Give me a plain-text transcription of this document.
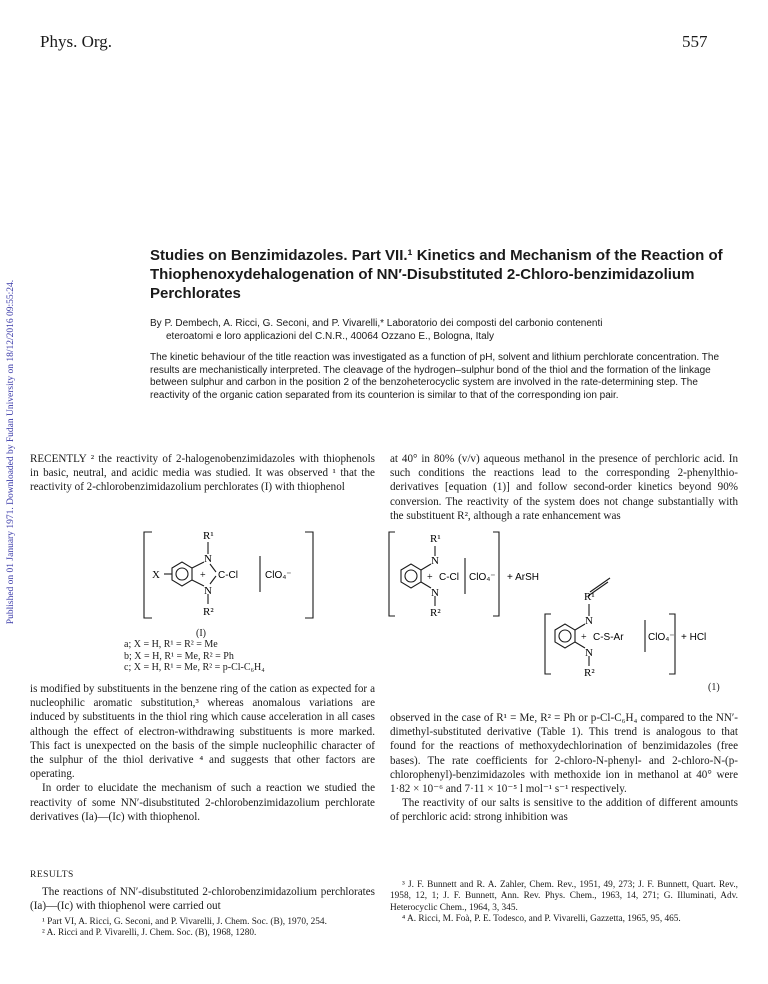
Phys. Org.	557
Published on 01 January 1971. Downloaded by Fudan University on 18/12/2016 09:55:24.
Studies on Benzimidazoles. Part VII.¹ Kinetics and Mechanism of the Reaction of Thiophenoxydehalogenation of NN′-Disubstituted 2-Chloro-benzimidazolium Perchlorates
By P. Dembech, A. Ricci, G. Seconi, and P. Vivarelli,* Laboratorio dei composti del carbonio contenenti
eteroatomi e loro applicazioni del C.N.R., 40064 Ozzano E., Bologna, Italy
The kinetic behaviour of the title reaction was investigated as a function of pH, solvent and lithium perchlorate concentration. The results are mechanistically interpreted. The cleavage of the hydrogen–sulphur bond of the thiol and the formation of the linkage between sulphur and carbon in the position 2 of the benzoheterocyclic system are involved in the rate-determining step. The reactivity of the organic cation separated from its counterion is similar to that of the corresponding ion pair.

RECENTLY ² the reactivity of 2-halogenobenzimidazoles with thiophenols in basic, neutral, and acidic media was studied. It was observed ¹ that the reactivity of 2-chlorobenzimidazolium perchlorates (I) with thiophenol

R¹
N
N
R²
X	+ C-Cl	ClO₄⁻
(I)
a; X = H, R¹ = R² = Me
b; X = H, R¹ = Me, R² = Ph
c; X = H, R¹ = Me, R² = p-Cl-C₆H₄

is modified by substituents in the benzene ring of the cation as expected for a nucleophilic aromatic substitution,³ whereas anomalous variations are induced by substituents in the thiol ring which cause acceleration in all cases although the effect of electron-withdrawing substituents is more marked. This fact is unexpected on the basis of the simple nucleophilic character of the sulphur of the thiol derivative ⁴ and suggests that other factors are operating.

In order to elucidate the mechanism of such a reaction we studied the reactivity of some NN′-disubstituted 2-chlorobenzimidazolium perchlorate derivatives (Ia)—(Ic) with thiophenol.

RESULTS

The reactions of NN′-disubstituted 2-chlorobenzimidazolium perchlorates (Ia)—(Ic) with thiophenol were carried out

¹ Part VI, A. Ricci, G. Seconi, and P. Vivarelli, J. Chem. Soc. (B), 1970, 254.

² A. Ricci and P. Vivarelli, J. Chem. Soc. (B), 1968, 1280.

at 40° in 80% (v/v) aqueous methanol in the presence of perchloric acid. In such conditions the reactions lead to the corresponding 2-phenylthio-derivatives [equation (1)] and follow second-order kinetics beyond 90% conversion. The reactivity of the system does not change substantially with the substituent R², although a rate enhancement was

R¹
N
N
R²
+ C-Cl ClO₄⁻ + ArSH
R¹
N
N
R²
+ C-S-Ar ClO₄⁻ + HCl
(1)

observed in the case of R¹ = Me, R² = Ph or p-Cl-C₆H₄ compared to the NN′-dimethyl-substituted derivative (Table 1). This trend is analogous to that found for the reactions of methoxydechlorination of benzimidazoles (free bases). The rate coefficients for 2-chloro-N-phenyl- and 2-chloro-N-(p-chlorophenyl)-benzimidazoles with methoxide ion in methanol at 40° were 1·82 × 10⁻⁶ and 7·11 × 10⁻⁵ l mol⁻¹ s⁻¹ respectively.

The reactivity of our salts is sensitive to the addition of different amounts of perchloric acid: strong inhibition was

³ J. F. Bunnett and R. A. Zahler, Chem. Rev., 1951, 49, 273; J. F. Bunnett, Quart. Rev., 1958, 12, 1; J. F. Bunnett, Ann. Rev. Phys. Chem., 1963, 14, 271; G. Illuminati, Adv. Heterocyclic Chem., 1964, 3, 345.

⁴ A. Ricci, M. Foà, P. E. Todesco, and P. Vivarelli, Gazzetta, 1965, 95, 465.
